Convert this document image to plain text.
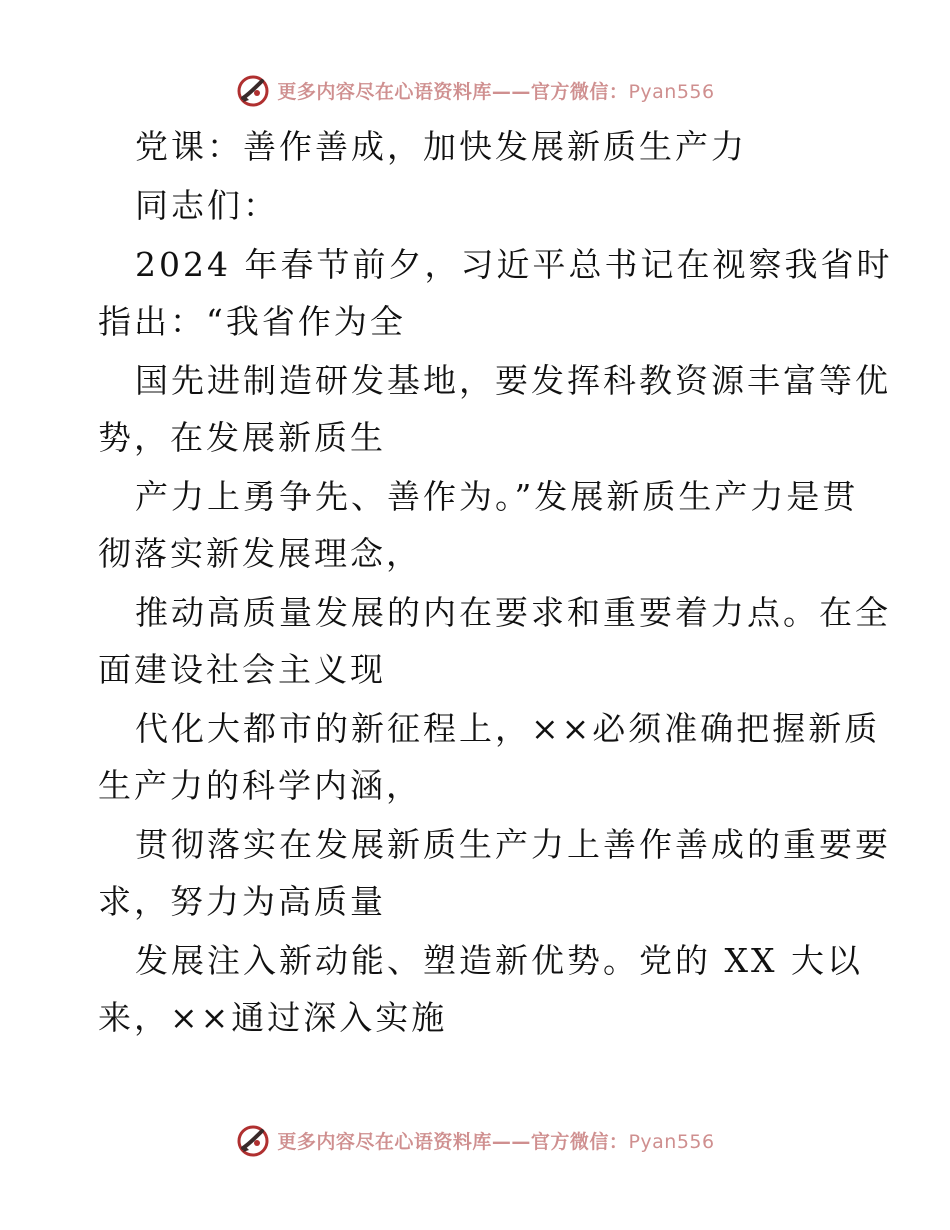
更多内容尽在心语资料库——官方微信：Pyan556
党课：善作善成，加快发展新质生产力
同志们：
2024 年春节前夕，习近平总书记在视察我省时
指出：“我省作为全
国先进制造研发基地，要发挥科教资源丰富等优
势，在发展新质生
产力上勇争先、善作为。”发展新质生产力是贯
彻落实新发展理念，
推动高质量发展的内在要求和重要着力点。在全
面建设社会主义现
代化大都市的新征程上，××必须准确把握新质
生产力的科学内涵，
贯彻落实在发展新质生产力上善作善成的重要要
求，努力为高质量
发展注入新动能、塑造新优势。党的 XX 大以
来，××通过深入实施
更多内容尽在心语资料库——官方微信：Pyan556
